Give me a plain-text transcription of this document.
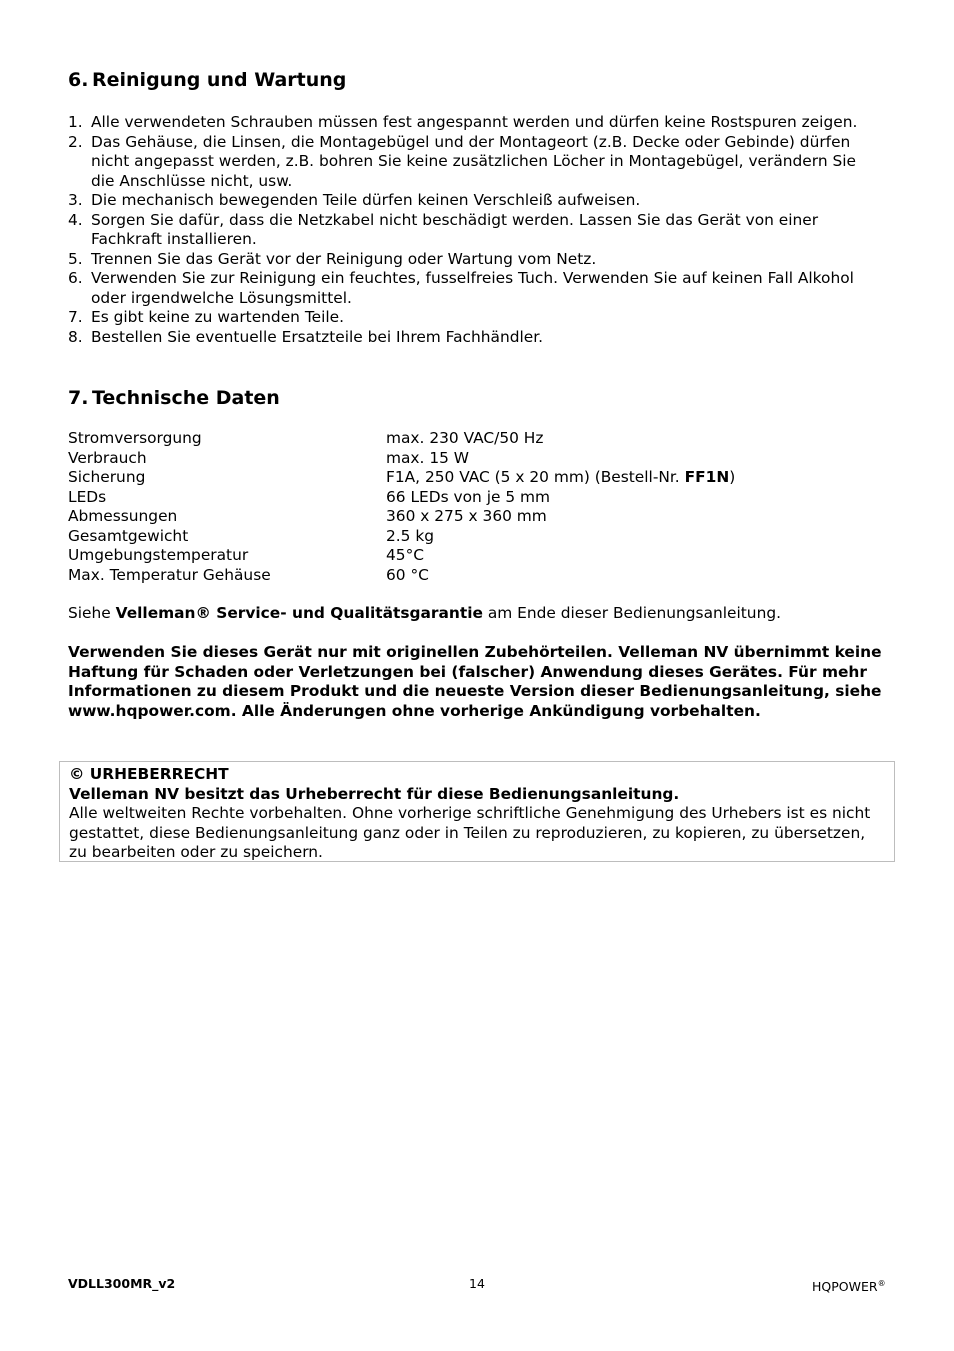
6. Reinigung und Wartung
1. Alle verwendeten Schrauben müssen fest angespannt werden und dürfen keine Rostspuren zeigen.
2. Das Gehäuse, die Linsen, die Montagebügel und der Montageort (z.B. Decke oder Gebinde) dürfen nicht angepasst werden, z.B. bohren Sie keine zusätzlichen Löcher in Montagebügel, verändern Sie die Anschlüsse nicht, usw.
3. Die mechanisch bewegenden Teile dürfen keinen Verschleiß aufweisen.
4. Sorgen Sie dafür, dass die Netzkabel nicht beschädigt werden. Lassen Sie das Gerät von einer Fachkraft installieren.
5. Trennen Sie das Gerät vor der Reinigung oder Wartung vom Netz.
6. Verwenden Sie zur Reinigung ein feuchtes, fusselfreies Tuch. Verwenden Sie auf keinen Fall Alkohol oder irgendwelche Lösungsmittel.
7. Es gibt keine zu wartenden Teile.
8. Bestellen Sie eventuelle Ersatzteile bei Ihrem Fachhändler.
7. Technische Daten
Stromversorgung	max. 230 VAC/50 Hz
Verbrauch	max. 15 W
Sicherung	F1A, 250 VAC (5 x 20 mm) (Bestell-Nr. FF1N)
LEDs	66 LEDs von je 5 mm
Abmessungen	360 x 275 x 360 mm
Gesamtgewicht	2.5 kg
Umgebungstemperatur	45°C
Max. Temperatur Gehäuse	60 °C
Siehe Velleman® Service- und Qualitätsgarantie am Ende dieser Bedienungsanleitung.
Verwenden Sie dieses Gerät nur mit originellen Zubehörteilen. Velleman NV übernimmt keine Haftung für Schaden oder Verletzungen bei (falscher) Anwendung dieses Gerätes. Für mehr Informationen zu diesem Produkt und die neueste Version dieser Bedienungsanleitung, siehe www.hqpower.com. Alle Änderungen ohne vorherige Ankündigung vorbehalten.
© URHEBERRECHT
Velleman NV besitzt das Urheberrecht für diese Bedienungsanleitung.
Alle weltweiten Rechte vorbehalten. Ohne vorherige schriftliche Genehmigung des Urhebers ist es nicht gestattet, diese Bedienungsanleitung ganz oder in Teilen zu reproduzieren, zu kopieren, zu übersetzen, zu bearbeiten oder zu speichern.
VDLL300MR_v2	14	HQPOWER®
